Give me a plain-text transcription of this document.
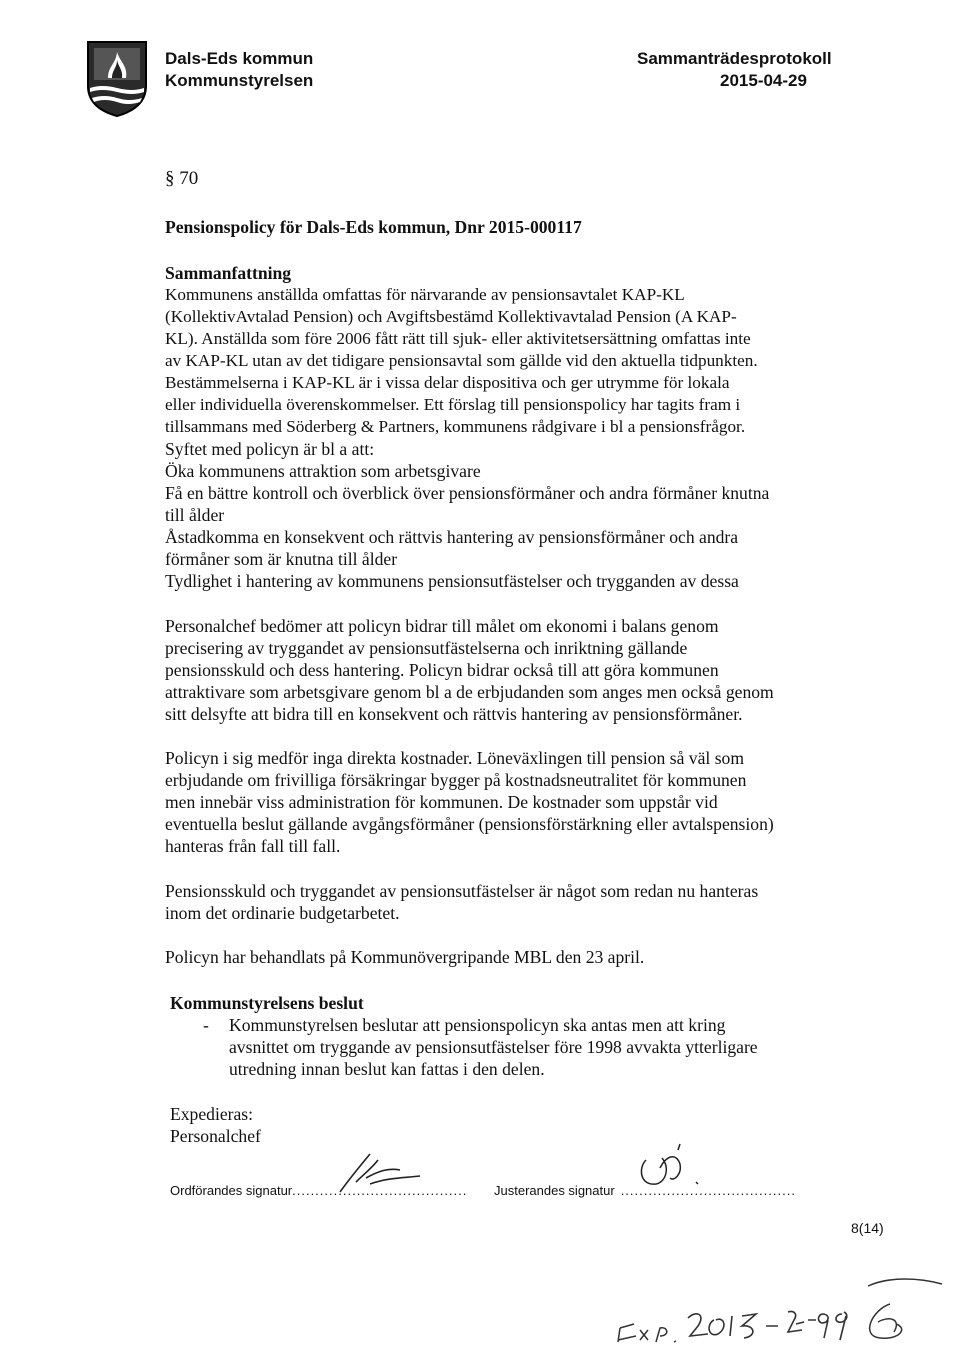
Dals-Eds kommun
Kommunstyrelsen
Sammanträdesprotokoll
2015-04-29
§ 70
Pensionspolicy för Dals-Eds kommun, Dnr 2015-000117
Sammanfattning
Kommunens anställda omfattas för närvarande av pensionsavtalet KAP-KL
(KollektivAvtalad Pension) och Avgiftsbestämd Kollektivavtalad Pension (A KAP-
KL). Anställda som före 2006 fått rätt till sjuk- eller aktivitetsersättning omfattas inte
av KAP-KL utan av det tidigare pensionsavtal som gällde vid den aktuella tidpunkten.
Bestämmelserna i KAP-KL är i vissa delar dispositiva och ger utrymme för lokala
eller individuella överenskommelser. Ett förslag till pensionspolicy har tagits fram i
tillsammans med Söderberg & Partners, kommunens rådgivare i bl a pensionsfrågor.
Syftet med policyn är bl a att:
Öka kommunens attraktion som arbetsgivare
Få en bättre kontroll och överblick över pensionsförmåner och andra förmåner knutna
till ålder
Åstadkomma en konsekvent och rättvis hantering av pensionsförmåner och andra
förmåner som är knutna till ålder
Tydlighet i hantering av kommunens pensionsutfästelser och trygganden av dessa
Personalchef bedömer att policyn bidrar till målet om ekonomi i balans genom
precisering av tryggandet av pensionsutfästelserna och inriktning gällande
pensionsskuld och dess hantering. Policyn bidrar också till att göra kommunen
attraktivare som arbetsgivare genom bl a de erbjudanden som anges men också genom
sitt delsyfte att bidra till en konsekvent och rättvis hantering av pensionsförmåner.
Policyn i sig medför inga direkta kostnader. Löneväxlingen till pension så väl som
erbjudande om frivilliga försäkringar bygger på kostnadsneutralitet för kommunen
men innebär viss administration för kommunen. De kostnader som uppstår vid
eventuella beslut gällande avgångsförmåner (pensionsförstärkning eller avtalspension)
hanteras från fall till fall.
Pensionsskuld och tryggandet av pensionsutfästelser är något som redan nu hanteras
inom det ordinarie budgetarbetet.
Policyn har behandlats på Kommunövergripande MBL den 23 april.
Kommunstyrelsens beslut
- Kommunstyrelsen beslutar att pensionspolicyn ska antas men att kring
avsnittet om tryggande av pensionsutfästelser före 1998 avvakta ytterligare
utredning innan beslut kan fattas i den delen.
Expedieras:
Personalchef
Ordförandes signatur...................................... Justerandes signatur ......................................
8(14)
